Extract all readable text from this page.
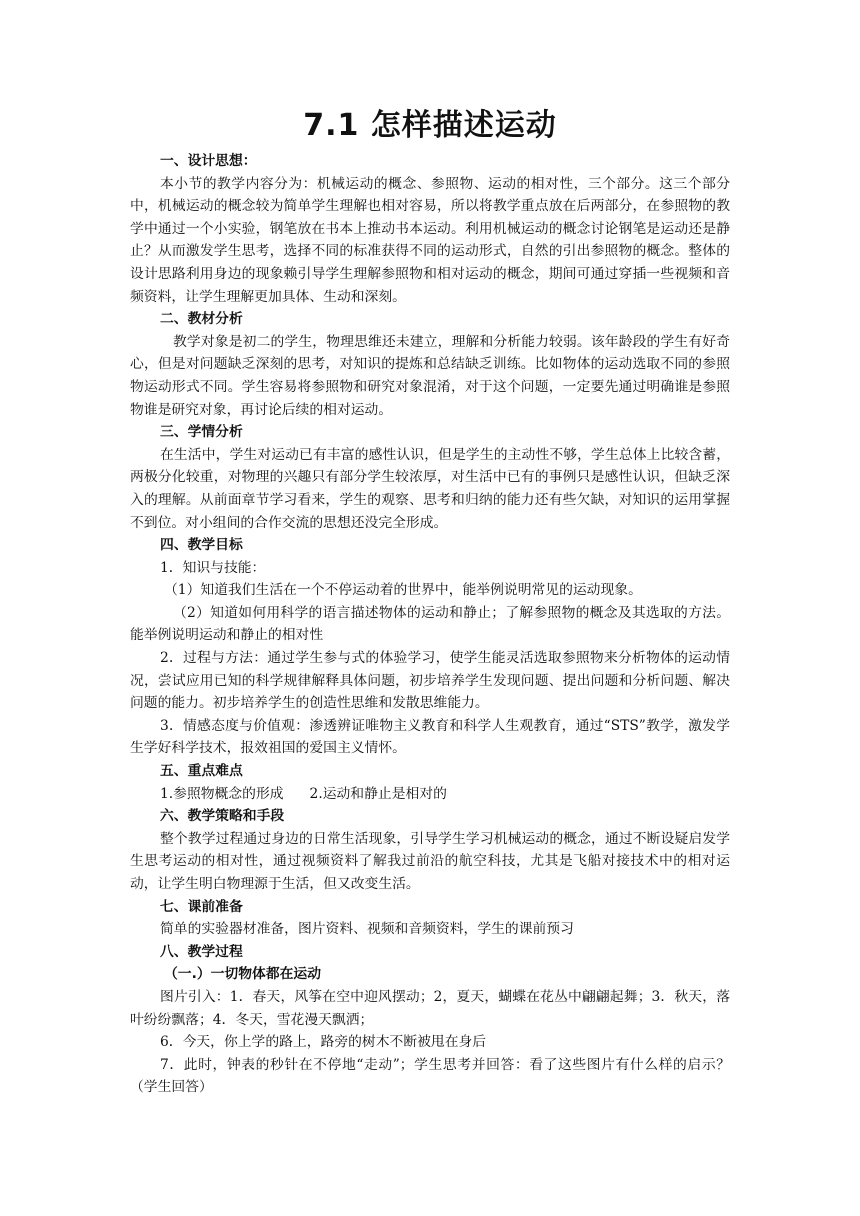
7.1 怎样描述运动

一、设计思想：

本小节的教学内容分为：机械运动的概念、参照物、运动的相对性，三个部分。这三个部分中，机械运动的概念较为简单学生理解也相对容易，所以将教学重点放在后两部分，在参照物的教学中通过一个小实验，钢笔放在书本上推动书本运动。利用机械运动的概念讨论钢笔是运动还是静止？从而激发学生思考，选择不同的标准获得不同的运动形式，自然的引出参照物的概念。整体的设计思路利用身边的现象赖引导学生理解参照物和相对运动的概念，期间可通过穿插一些视频和音频资料，让学生理解更加具体、生动和深刻。

二、教材分析

教学对象是初二的学生，物理思维还未建立，理解和分析能力较弱。该年龄段的学生有好奇心，但是对问题缺乏深刻的思考，对知识的提炼和总结缺乏训练。比如物体的运动选取不同的参照物运动形式不同。学生容易将参照物和研究对象混淆，对于这个问题，一定要先通过明确谁是参照物谁是研究对象，再讨论后续的相对运动。

三、学情分析

在生活中，学生对运动已有丰富的感性认识，但是学生的主动性不够，学生总体上比较含蓄，两极分化较重，对物理的兴趣只有部分学生较浓厚，对生活中已有的事例只是感性认识，但缺乏深入的理解。从前面章节学习看来，学生的观察、思考和归纳的能力还有些欠缺，对知识的运用掌握不到位。对小组间的合作交流的思想还没完全形成。

四、教学目标

1．知识与技能：

（1）知道我们生活在一个不停运动着的世界中，能举例说明常见的运动现象。

（2）知道如何用科学的语言描述物体的运动和静止；了解参照物的概念及其选取的方法。能举例说明运动和静止的相对性

2．过程与方法：通过学生参与式的体验学习，使学生能灵活选取参照物来分析物体的运动情况，尝试应用已知的科学规律解释具体问题，初步培养学生发现问题、提出问题和分析问题、解决问题的能力。初步培养学生的创造性思维和发散思维能力。

3．情感态度与价值观：渗透辨证唯物主义教育和科学人生观教育，通过“STS”教学，激发学生学好科学技术，报效祖国的爱国主义情怀。

五、重点难点

1.参照物概念的形成 2.运动和静止是相对的

六、教学策略和手段

整个教学过程通过身边的日常生活现象，引导学生学习机械运动的概念，通过不断设疑启发学生思考运动的相对性，通过视频资料了解我过前沿的航空科技，尤其是飞船对接技术中的相对运动，让学生明白物理源于生活，但又改变生活。

七、课前准备

简单的实验器材准备，图片资料、视频和音频资料，学生的课前预习

八、教学过程

（一.）一切物体都在运动

图片引入：1．春天，风筝在空中迎风摆动；2，夏天，蝴蝶在花丛中翩翩起舞；3．秋天，落叶纷纷飘落；4．冬天，雪花漫天飘洒；

6．今天，你上学的路上，路旁的树木不断被甩在身后

7．此时，钟表的秒针在不停地“走动”；学生思考并回答：看了这些图片有什么样的启示？（学生回答）
